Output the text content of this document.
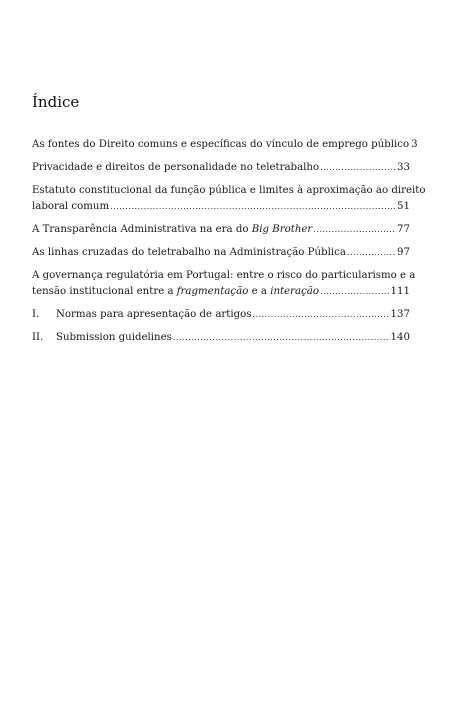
Índice
As fontes do Direito comuns e específicas do vínculo de emprego público 3
Privacidade e direitos de personalidade no teletrabalho .....	33
Estatuto constitucional da função pública e limites à aproximação ao direito
laboral comum .....	51
A Transparência Administrativa na era do Big Brother .....	77
As linhas cruzadas do teletrabalho na Administração Pública .....	97
A governança regulatória em Portugal: entre o risco do particularismo e a
tensão institucional entre a fragmentação e a interação .....	111
I. Normas para apresentação de artigos .....	137
II. Submission guidelines .....	140
